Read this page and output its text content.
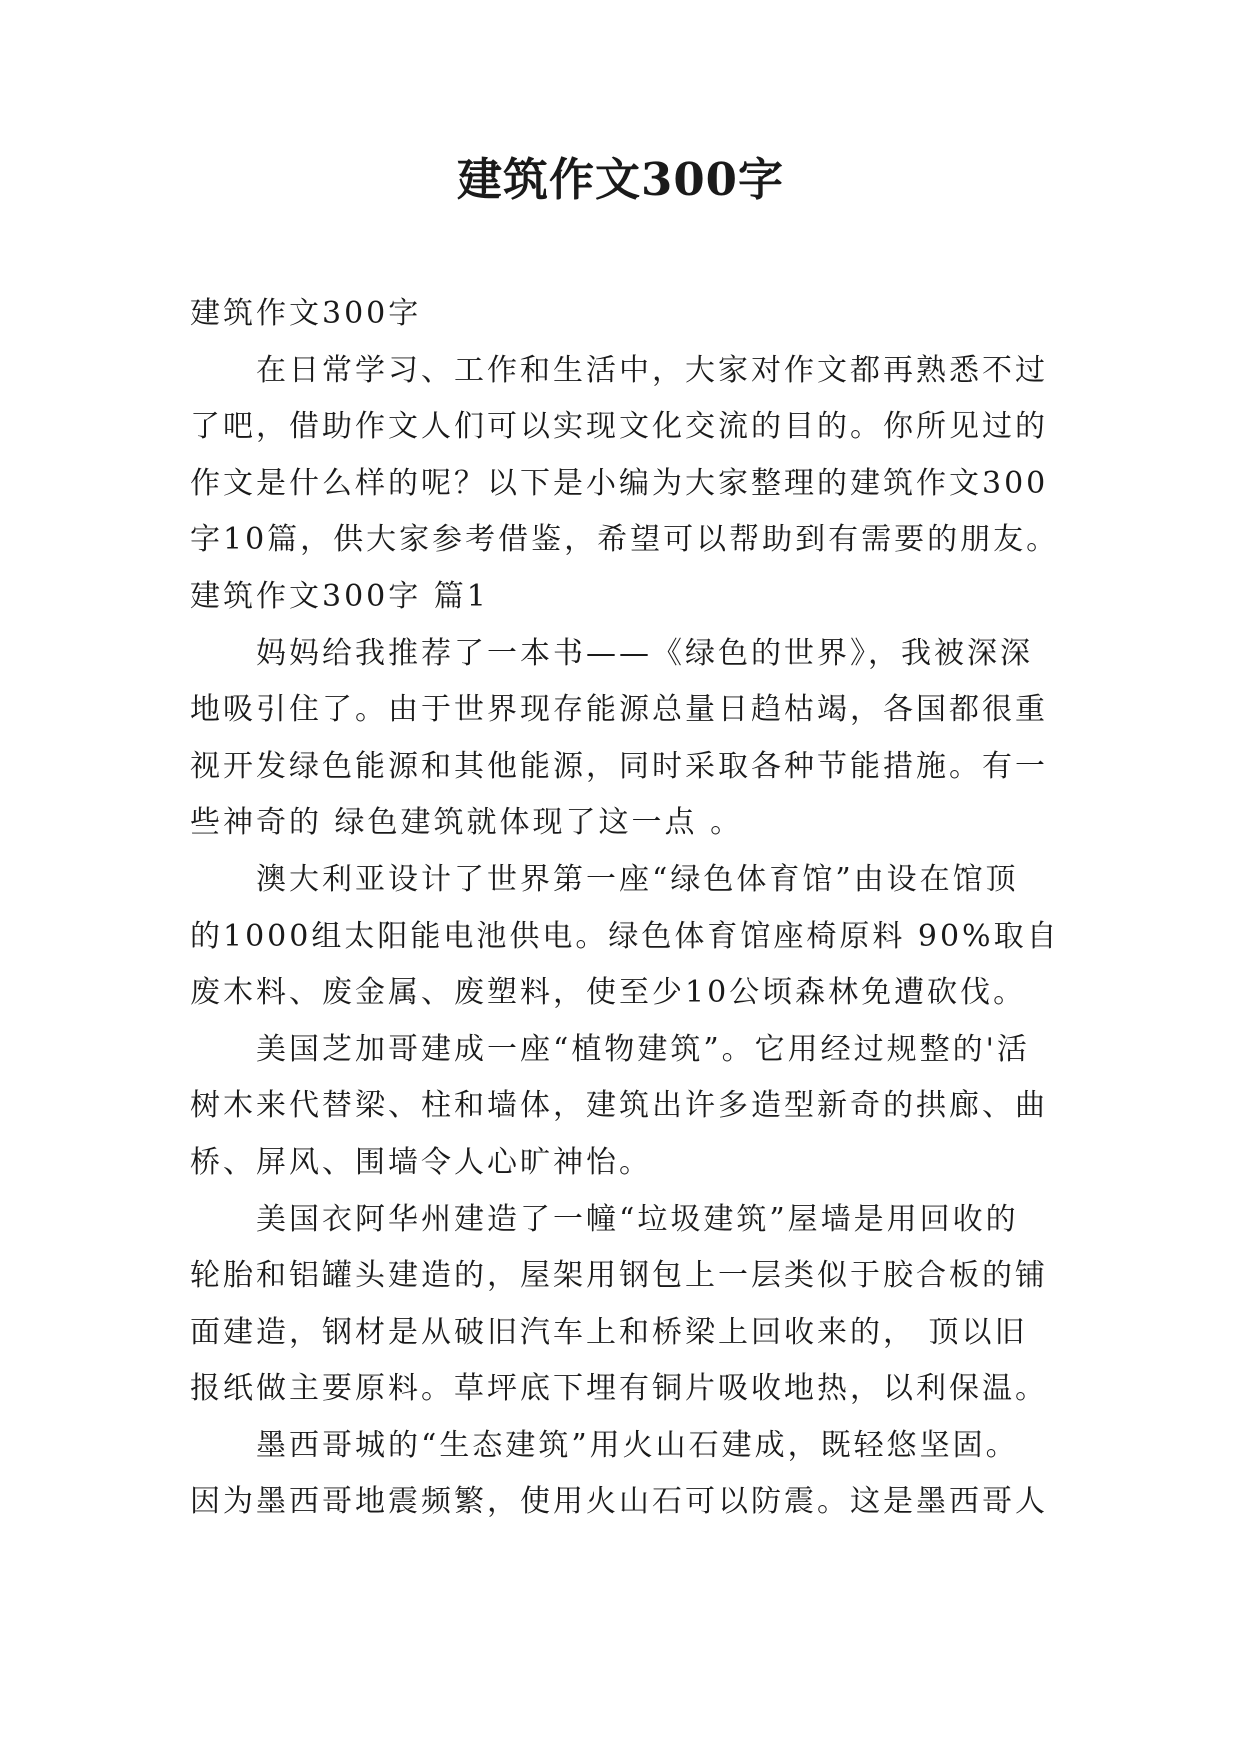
建筑作文300字

建筑作文300字

在日常学习、工作和生活中，大家对作文都再熟悉不过

了吧，借助作文人们可以实现文化交流的目的。你所见过的

作文是什么样的呢？以下是小编为大家整理的建筑作文300

字10篇，供大家参考借鉴，希望可以帮助到有需要的朋友。

建筑作文300字 篇1

妈妈给我推荐了一本书——《绿色的世界》，我被深深

地吸引住了。由于世界现存能源总量日趋枯竭，各国都很重

视开发绿色能源和其他能源，同时采取各种节能措施。有一

些神奇的 绿色建筑就体现了这一点 。

澳大利亚设计了世界第一座“绿色体育馆”由设在馆顶

的1000组太阳能电池供电。绿色体育馆座椅原料 90%取自

废木料、废金属、废塑料，使至少10公顷森林免遭砍伐。

美国芝加哥建成一座“植物建筑”。它用经过规整的'活

树木来代替梁、柱和墙体，建筑出许多造型新奇的拱廊、曲

桥、屏风、围墙令人心旷神怡。

美国衣阿华州建造了一幢“垃圾建筑”屋墙是用回收的

轮胎和铝罐头建造的，屋架用钢包上一层类似于胶合板的铺

面建造，钢材是从破旧汽车上和桥梁上回收来的， 顶以旧

报纸做主要原料。草坪底下埋有铜片吸收地热，以利保温。

墨西哥城的“生态建筑”用火山石建成，既轻悠坚固。

因为墨西哥地震频繁，使用火山石可以防震。这是墨西哥人
